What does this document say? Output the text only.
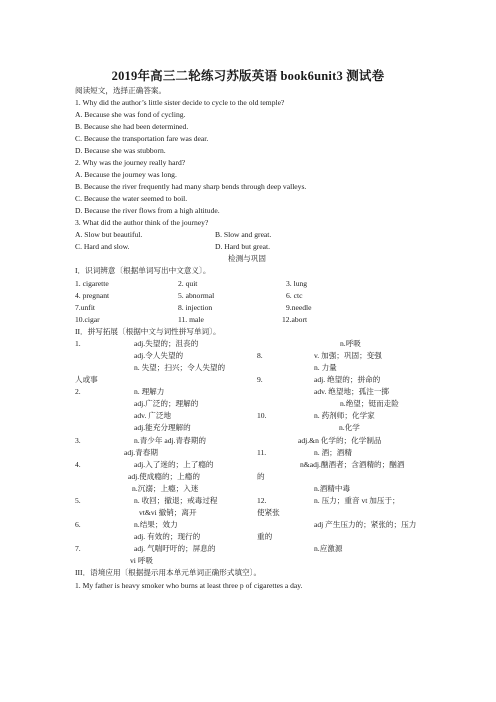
2019年高三二轮练习苏版英语 book6unit3 测试卷
阅读短文，选择正确答案。
1. Why did the author’s little sister decide to cycle to the old temple?
A. Because she was fond of cycling.
B. Because she had been determined.
C. Because the transportation fare was dear.
D. Because she was stubborn.
2. Why was the journey really hard?
A. Because the journey was long.
B. Because the river frequently had many sharp bends through deep valleys.
C. Because the water seemed to boil.
D. Because the river flows from a high altitude.
3. What did the author think of the journey?
A. Slow but beautiful.	B. Slow and great.
C. Hard and slow.	D. Hard but great.
检测与巩固
I．识词辨意〔根据单词写出中文意义〕。
1. cigarette	2. quit	3. lung
4. pregnant	5. abnormal	6. ctc
7.unfit	8. injection	9.needle
10.cigar	11. male	12.abort
II．拼写拓展〔根据中文与词性拼写单词〕。
1.	adj.失望的；沮丧的
adj.令人失望的
n. 失望；扫兴；令人失望的
人或事
2.	n. 理解力
adj.广泛的；理解的
adv. 广泛地
adj.能充分理解的
3.	n.青少年 adj.青春期的
adj.青春期
4.	adj.入了迷的；上了瘾的
adj.使成瘾的；上瘾的
n.沉溺；上瘾；入迷
5.	n. 收回；撤退；戒毒过程
vt&vi 撤销；离开
6.	n.结果；效力
adj. 有效的；现行的
7.	adj. 气喘吁吁的；屏息的
vi 呼吸
n.呼吸
8.	v. 加强；巩固；变强
n. 力量
9.	adj. 绝望的；拼命的
adv. 绝望地；孤注一掷
n.绝望；铤而走险
10.	n. 药剂师；化学家
n.化学
adj.&n 化学的；化学制品
11.	n. 酒；酒精
n&adj.酗酒者；含酒精的；酗酒
的
n.酒精中毒
12.	n. 压力；重音 vt 加压于；
使紧张
adj 产生压力的；紧张的；压力
重的
n.应激源
III．语境应用〔根据提示用本单元单词正确形式填空〕。
1. My father is heavy smoker who burns at least three p of cigarettes a day.
